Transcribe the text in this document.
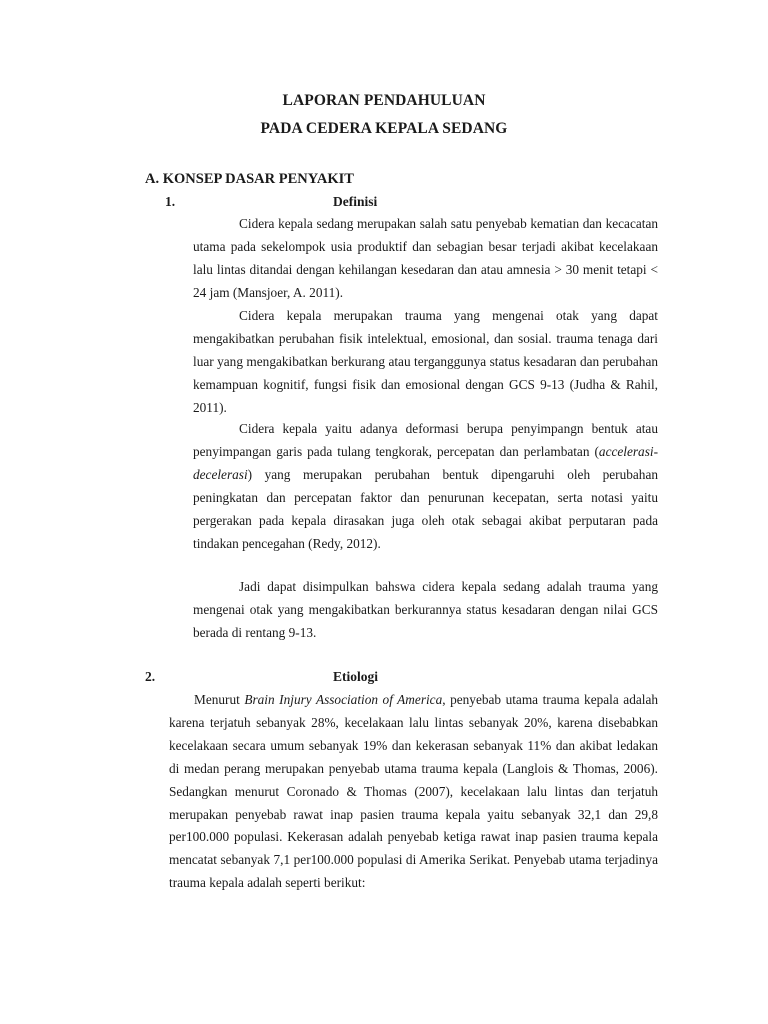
LAPORAN PENDAHULUAN
PADA CEDERA KEPALA SEDANG
A. KONSEP DASAR PENYAKIT
1.	Definisi

Cidera kepala sedang merupakan salah satu penyebab kematian dan kecacatan utama pada sekelompok usia produktif dan sebagian besar terjadi akibat kecelakaan lalu lintas ditandai dengan kehilangan kesedaran dan atau amnesia > 30 menit tetapi < 24 jam (Mansjoer, A. 2011).

Cidera kepala merupakan trauma yang mengenai otak yang dapat mengakibatkan perubahan fisik intelektual, emosional, dan sosial. trauma tenaga dari luar yang mengakibatkan berkurang atau terganggunya status kesadaran dan perubahan kemampuan kognitif, fungsi fisik dan emosional dengan GCS 9-13 (Judha & Rahil, 2011).

Cidera kepala yaitu adanya deformasi berupa penyimpangn bentuk atau penyimpangan garis pada tulang tengkorak, percepatan dan perlambatan (accelerasi-decelerasi) yang merupakan perubahan bentuk dipengaruhi oleh perubahan peningkatan dan percepatan faktor dan penurunan kecepatan, serta notasi yaitu pergerakan pada kepala dirasakan juga oleh otak sebagai akibat perputaran pada tindakan pencegahan (Redy, 2012).

Jadi dapat disimpulkan bahswa cidera kepala sedang adalah trauma yang mengenai otak yang mengakibatkan berkurannya status kesadaran dengan nilai GCS berada di rentang 9-13.

2.	Etiologi

Menurut Brain Injury Association of America, penyebab utama trauma kepala adalah karena terjatuh sebanyak 28%, kecelakaan lalu lintas sebanyak 20%, karena disebabkan kecelakaan secara umum sebanyak 19% dan kekerasan sebanyak 11% dan akibat ledakan di medan perang merupakan penyebab utama trauma kepala (Langlois & Thomas, 2006). Sedangkan menurut Coronado & Thomas (2007), kecelakaan lalu lintas dan terjatuh merupakan penyebab rawat inap pasien trauma kepala yaitu sebanyak 32,1 dan 29,8 per100.000 populasi. Kekerasan adalah penyebab ketiga rawat inap pasien trauma kepala mencatat sebanyak 7,1 per100.000 populasi di Amerika Serikat. Penyebab utama terjadinya trauma kepala adalah seperti berikut:
